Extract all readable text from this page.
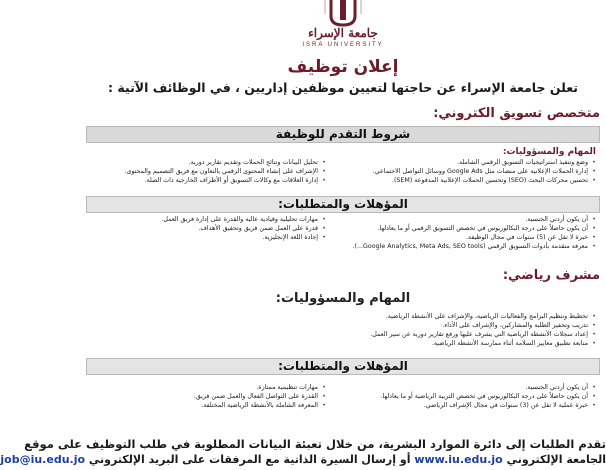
جامعة الإسراء
ISRA UNIVERSITY
إعلان توظيف
تعلن جامعة الإسراء عن حاجتها لتعيين موظفين إداريين ، في الوظائف الآتية :
متخصص تسويق الكتروني:
شروط التقدم للوظيفة
المهام والمسؤوليات:
• وضع وتنفيذ استراتيجيات التسويق الرقمي الشاملة.
• إدارة الحملات الإعلانية على منصات مثل Google Ads ووسائل التواصل الاجتماعي.
• تحسين محركات البحث (SEO) وتحسين الحملات الإعلانية المدفوعة (SEM).
• تحليل البيانات ونتائج الحملات وتقديم تقارير دورية.
• الإشراف على إنشاء المحتوى الرقمي بالتعاون مع فريق التصميم والمحتوى.
• إدارة العلاقات مع وكالات التسويق أو الأطراف الخارجية ذات الصلة.
المؤهلات والمتطلبات:
• أن يكون أردني الجنسية.
• أن يكون حاصلاً على درجة البكالوريوس في تخصص التسويق الرقمي أو ما يعادلها.
• خبرة لا تقل عن (5) سنوات في مجال الوظيفة.
• معرفة متقدمة بأدوات التسويق الرقمي (Google Analytics, Meta Ads, SEO tools...).
• مهارات تحليلية وقيادية عالية والقدرة على إدارة فريق العمل.
• قدرة على العمل ضمن فريق وتحقيق الأهداف.
• إجادة اللغة الإنجليزية.
مشرف رياضي:
المهام والمسؤوليات:
• تخطيط وتنظيم البرامج والفعاليات الرياضية، والإشراف على الأنشطة الرياضية.
• تدريب وتحفيز الطلبة والمشاركين، والإشراف على الأداء.
• إعداد سجلات الأنشطة الرياضية التي يشرف عليها ورفع تقارير دورية عن سير العمل.
• متابعة تطبيق معايير السلامة أثناء ممارسة الأنشطة الرياضية.
المؤهلات والمتطلبات:
• أن يكون أردني الجنسية.
• أن يكون حاصلاً على درجة البكالوريوس في تخصص التربية الرياضية أو ما يعادلها.
• خبرة عملية لا تقل عن (3) سنوات في مجال الإشراف الرياضي.
• مهارات تنظيمية ممتازة.
• القدرة على التواصل الفعال والعمل ضمن فريق.
• المعرفة الشاملة بالأنشطة الرياضية المختلفة.
تقدم الطلبات إلى دائرة الموارد البشرية، من خلال تعبئة البيانات المطلوبة في طلب التوظيف على موقع
الجامعة الإلكتروني www.iu.edu.jo أو إرسال السيرة الذاتية مع المرفقات على البريد الإلكتروني job@iu.edu.jo
